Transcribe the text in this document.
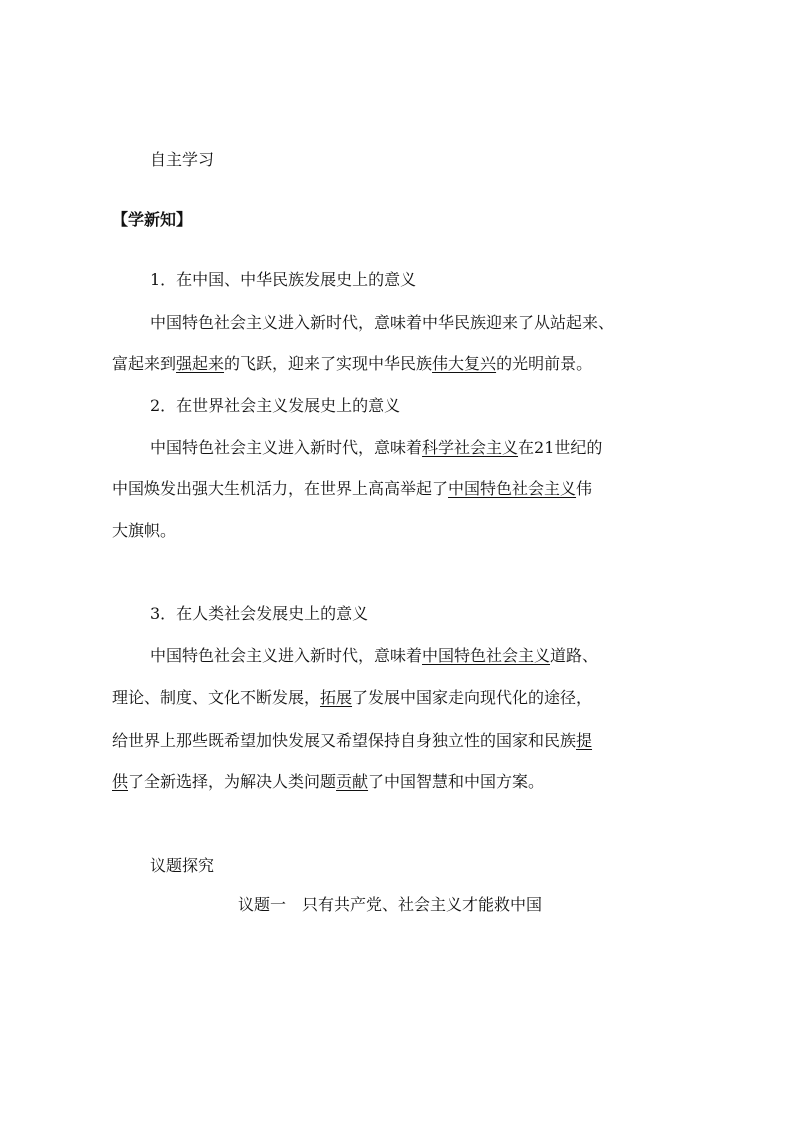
自主学习
【学新知】
1．在中国、中华民族发展史上的意义
中国特色社会主义进入新时代，意味着中华民族迎来了从站起来、
富起来到强起来的飞跃，迎来了实现中华民族伟大复兴的光明前景。
2．在世界社会主义发展史上的意义
中国特色社会主义进入新时代，意味着科学社会主义在21世纪的
中国焕发出强大生机活力，在世界上高高举起了中国特色社会主义伟
大旗帜。
3．在人类社会发展史上的意义
中国特色社会主义进入新时代，意味着中国特色社会主义道路、
理论、制度、文化不断发展，拓展了发展中国家走向现代化的途径，
给世界上那些既希望加快发展又希望保持自身独立性的国家和民族提
供了全新选择，为解决人类问题贡献了中国智慧和中国方案。
议题探究
议题一　只有共产党、社会主义才能救中国
